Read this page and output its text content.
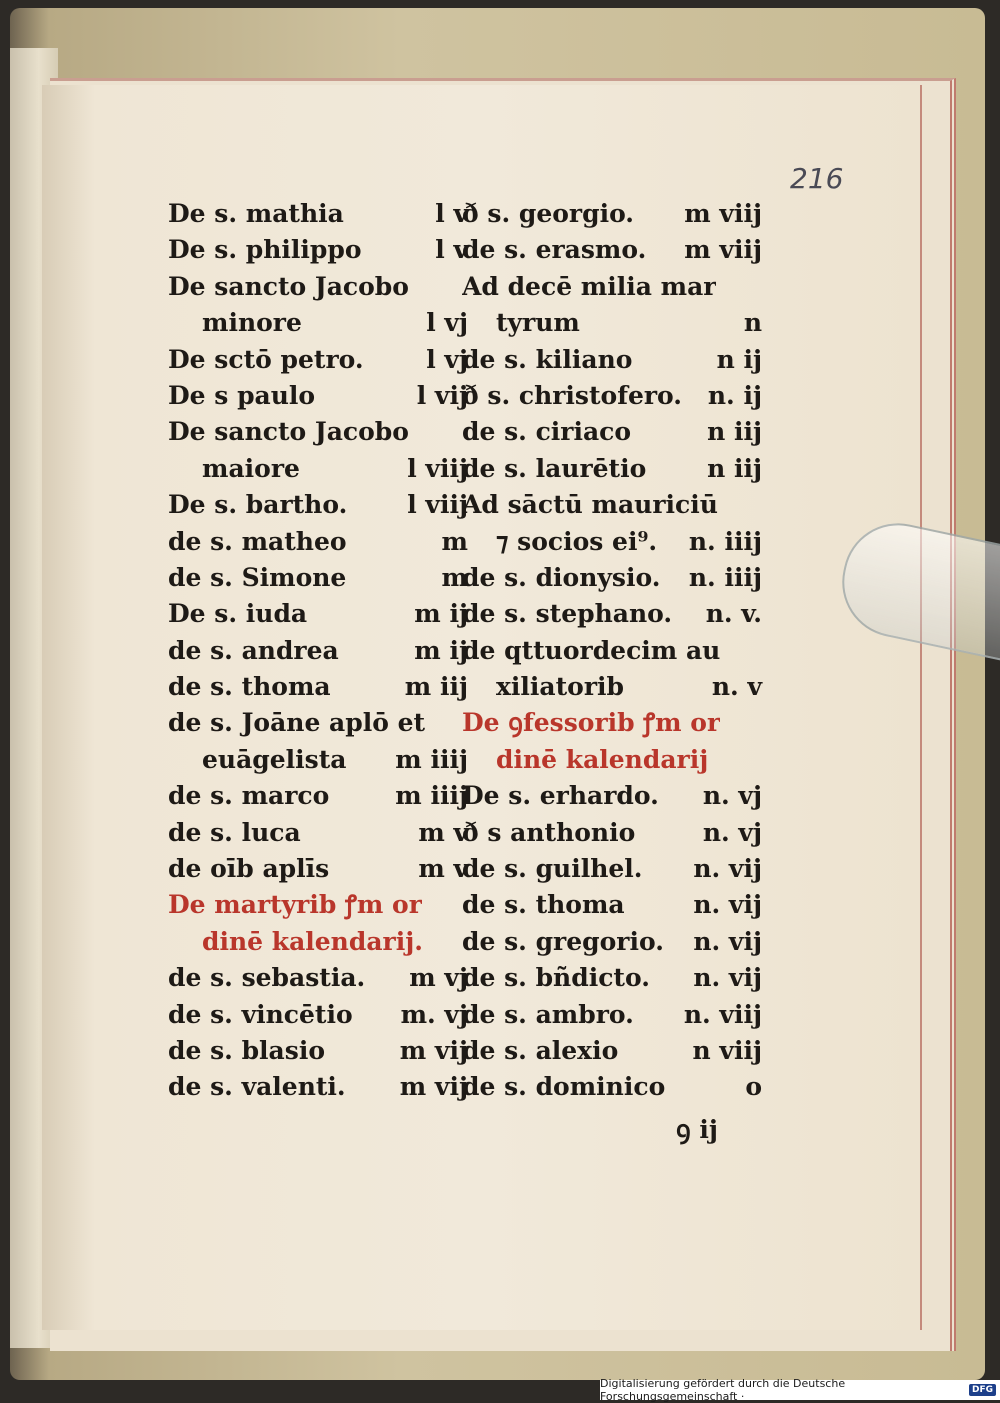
216
De s. mathia	l v
De s. philippo	l v
De sancto Jacobo
minore	l vj
De sctō petro.	l vj
De s paulo	l vij
De sancto Jacobo
maiore	l viij
De s. bartho.	l viij
de s. matheo	m
de s. Simone	m
De s. iuda	m ij
de s. andrea	m ij
de s. thoma	m iij
de s. Joāne aplō et
euāgelista	m iiij
de s. marco	m iiij
de s. luca	m v
de oīb aplīs	m v
De martyrib ꝭm or
dinē kalendarij.
de s. sebastia.	m vj
de s. vincētio	m. vj
de s. blasio	m vij
de s. valenti.	m vij
ð s. georgio.	m viij
de s. erasmo.	m viij
Ad decē milia mar
tyrum	n
de s. kiliano	n ij
ð s. christofero.	n. ij
de s. ciriaco	n iij
de s. laurētio	n iij
Ad sāctū mauriciū
⁊ socios ei⁹.	n. iiij
de s. dionysio.	n. iiij
de s. stephano.	n. v.
de qttuordecim au
xiliatorib	n. v
De ꝯfessorib ꝭm or
dinē kalendarij
De s. erhardo.	n. vj
ð s anthonio	n. vj
de s. guilhel.	n. vij
de s. thoma	n. vij
de s. gregorio.	n. vij
de s. bñdicto.	n. vij
de s. ambro.	n. viij
de s. alexio	n viij
de s. dominico	o
ꝯ ij
Digitalisierung gefördert durch die Deutsche Forschungsgemeinschaft ·	DFG
